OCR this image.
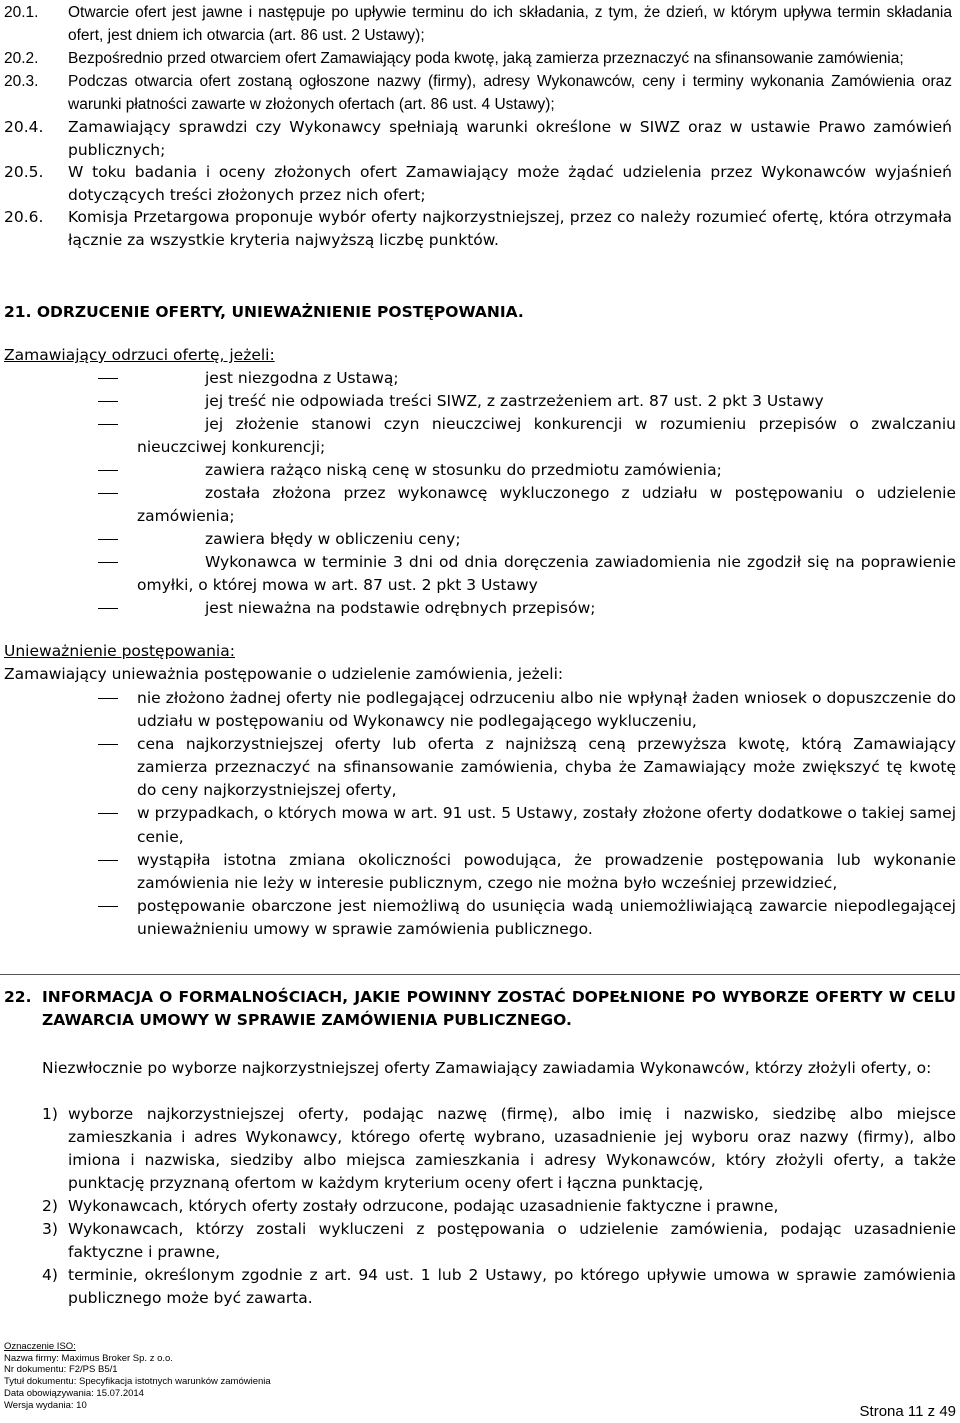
20.1. Otwarcie ofert jest jawne i następuje po upływie terminu do ich składania, z tym, że dzień, w którym upływa termin składania ofert, jest dniem ich otwarcia (art. 86 ust. 2 Ustawy);
20.2. Bezpośrednio przed otwarciem ofert Zamawiający poda kwotę, jaką zamierza przeznaczyć na sfinansowanie zamówienia;
20.3. Podczas otwarcia ofert zostaną ogłoszone nazwy (firmy), adresy Wykonawców, ceny i terminy wykonania Zamówienia oraz warunki płatności zawarte w złożonych ofertach (art. 86 ust. 4 Ustawy);
20.4. Zamawiający sprawdzi czy Wykonawcy spełniają warunki określone w SIWZ oraz w ustawie Prawo zamówień publicznych;
20.5. W toku badania i oceny złożonych ofert Zamawiający może żądać udzielenia przez Wykonawców wyjaśnień dotyczących treści złożonych przez nich ofert;
20.6. Komisja Przetargowa proponuje wybór oferty najkorzystniejszej, przez co należy rozumieć ofertę, która otrzymała łącznie za wszystkie kryteria najwyższą liczbę punktów.
21. ODRZUCENIE OFERTY, UNIEWAŻNIENIE POSTĘPOWANIA.
Zamawiający odrzuci ofertę, jeżeli:
jest niezgodna z Ustawą;
jej treść nie odpowiada treści SIWZ, z zastrzeżeniem art. 87 ust. 2 pkt 3 Ustawy
jej złożenie stanowi czyn nieuczciwej konkurencji w rozumieniu przepisów o zwalczaniu nieuczciwej konkurencji;
zawiera rażąco niską cenę w stosunku do przedmiotu zamówienia;
została złożona przez wykonawcę wykluczonego z udziału w postępowaniu o udzielenie zamówienia;
zawiera błędy w obliczeniu ceny;
Wykonawca w terminie 3 dni od dnia doręczenia zawiadomienia nie zgodził się na poprawienie omyłki, o której mowa w art. 87 ust. 2 pkt 3 Ustawy
jest nieważna na podstawie odrębnych przepisów;
Unieważnienie postępowania:
Zamawiający unieważnia postępowanie o udzielenie zamówienia, jeżeli:
nie złożono żadnej oferty nie podlegającej odrzuceniu albo nie wpłynął żaden wniosek o dopuszczenie do udziału w postępowaniu od Wykonawcy nie podlegającego wykluczeniu,
cena najkorzystniejszej oferty lub oferta z najniższą ceną przewyższa kwotę, którą Zamawiający zamierza przeznaczyć na sfinansowanie zamówienia, chyba że Zamawiający może zwiększyć tę kwotę do ceny najkorzystniejszej oferty,
w przypadkach, o których mowa w art. 91 ust. 5 Ustawy, zostały złożone oferty dodatkowe o takiej samej cenie,
wystąpiła istotna zmiana okoliczności powodująca, że prowadzenie postępowania lub wykonanie zamówienia nie leży w interesie publicznym, czego nie można było wcześniej przewidzieć,
postępowanie obarczone jest niemożliwą do usunięcia wadą uniemożliwiającą zawarcie niepodlegającej unieważnieniu umowy w sprawie zamówienia publicznego.
22. INFORMACJA O FORMALNOŚCIACH, JAKIE POWINNY ZOSTAĆ DOPEŁNIONE PO WYBORZE OFERTY W CELU ZAWARCIA UMOWY W SPRAWIE ZAMÓWIENIA PUBLICZNEGO.
Niezwłocznie po wyborze najkorzystniejszej oferty Zamawiający zawiadamia Wykonawców, którzy złożyli oferty, o:
1) wyborze najkorzystniejszej oferty, podając nazwę (firmę), albo imię i nazwisko, siedzibę albo miejsce zamieszkania i adres Wykonawcy, którego ofertę wybrano, uzasadnienie jej wyboru oraz nazwy (firmy), albo imiona i nazwiska, siedziby albo miejsca zamieszkania i adresy Wykonawców, który złożyli oferty, a także punktację przyznaną ofertom w każdym kryterium oceny ofert i łączna punktację,
2) Wykonawcach, których oferty zostały odrzucone, podając uzasadnienie faktyczne i prawne,
3) Wykonawcach, którzy zostali wykluczeni z postępowania o udzielenie zamówienia, podając uzasadnienie faktyczne i prawne,
4) terminie, określonym zgodnie z art. 94 ust. 1 lub 2 Ustawy, po którego upływie umowa w sprawie zamówienia publicznego może być zawarta.
Oznaczenie ISO:
Nazwa firmy: Maximus Broker Sp. z o.o.
Nr dokumentu: F2/PS B5/1
Tytuł dokumentu: Specyfikacja istotnych warunków zamówienia
Data obowiązywania: 15.07.2014
Wersja wydania: 10	Strona 11 z 49
